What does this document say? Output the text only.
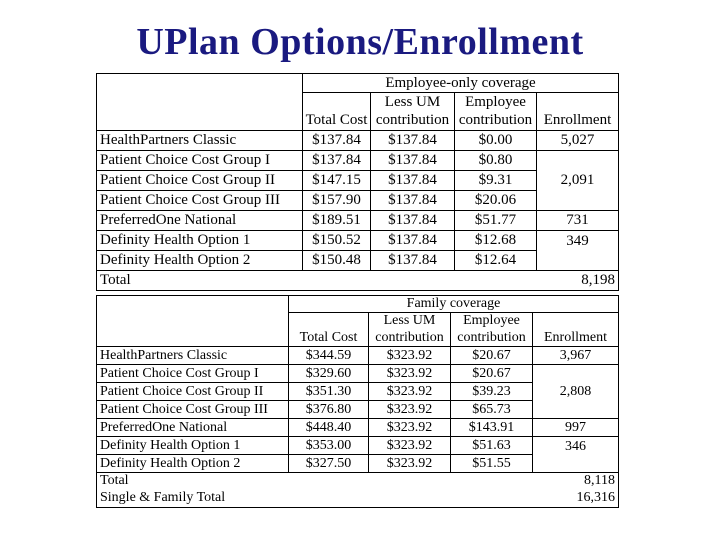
UPlan Options/Enrollment
	Employee-only coverage			
		Less UM	Employee	
	Total Cost	contribution	contribution	Enrollment
HealthPartners Classic	$137.84	$137.84	$0.00	5,027
Patient Choice Cost Group I	$137.84	$137.84	$0.80	2,091
Patient Choice Cost Group II	$147.15	$137.84	$9.31	
Patient Choice Cost Group III	$157.90	$137.84	$20.06	
PreferredOne National	$189.51	$137.84	$51.77	731
Definity Health Option 1	$150.52	$137.84	$12.68	349
Definity Health Option 2	$150.48	$137.84	$12.64	
Total				8,198
	Family coverage			
		Less UM	Employee	
	Total Cost	contribution	contribution	Enrollment
HealthPartners Classic	$344.59	$323.92	$20.67	3,967
Patient Choice Cost Group I	$329.60	$323.92	$20.67	2,808
Patient Choice Cost Group II	$351.30	$323.92	$39.23	
Patient Choice Cost Group III	$376.80	$323.92	$65.73	
PreferredOne National	$448.40	$323.92	$143.91	997
Definity Health Option 1	$353.00	$323.92	$51.63	346
Definity Health Option 2	$327.50	$323.92	$51.55	
Total				8,118
Single & Family Total				16,316
